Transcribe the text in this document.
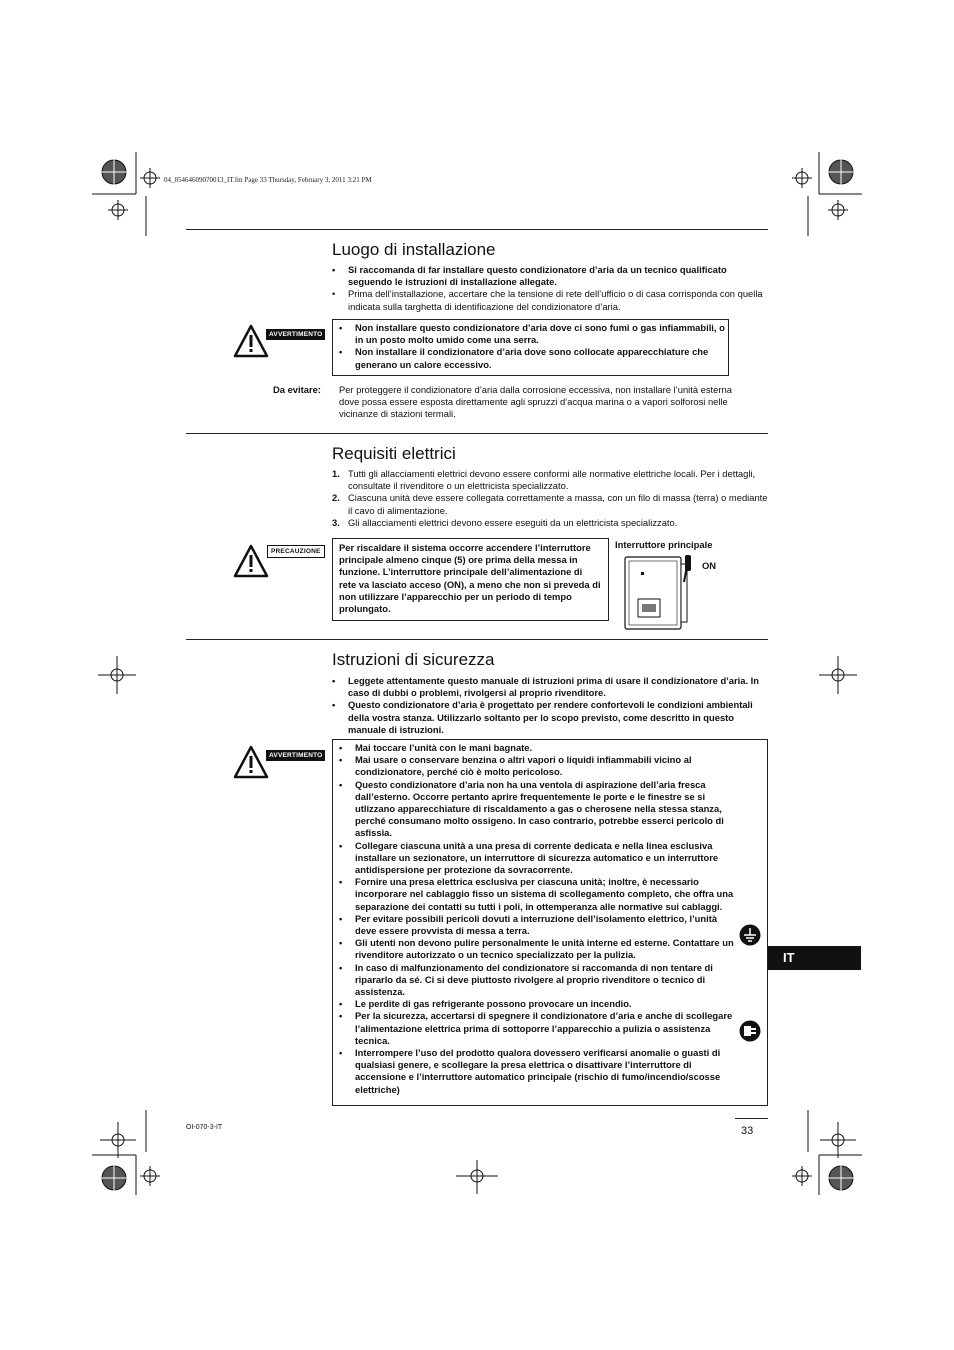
04_85464609070013_IT.fm Page 33 Thursday, February 3, 2011 3:21 PM
Luogo di installazione
• Si raccomanda di far installare questo condizionatore d’aria da un tecnico qualificato seguendo le istruzioni di installazione allegate.
• Prima dell’installazione, accertare che la tensione di rete dell’ufficio o di casa corrisponda con quella indicata sulla targhetta di identificazione del condizionatore d’aria.
AVVERTIMENTO
• Non installare questo condizionatore d’aria dove ci sono fumi o gas infiammabili, o in un posto molto umido come una serra.
• Non installare il condizionatore d’aria dove sono collocate apparecchiature che generano un calore eccessivo.
Da evitare: Per proteggere il condizionatore d’aria dalla corrosione eccessiva, non installare l’unità esterna dove possa essere esposta direttamente agli spruzzi d’acqua marina o a vapori solforosi nelle vicinanze di stazioni termali.
Requisiti elettrici
1. Tutti gli allacciamenti elettrici devono essere conformi alle normative elettriche locali. Per i dettagli, consultate il rivenditore o un elettricista specializzato.
2. Ciascuna unità deve essere collegata correttamente a massa, con un filo di massa (terra) o mediante il cavo di alimentazione.
3. Gli allacciamenti elettrici devono essere eseguiti da un elettricista specializzato.
PRECAUZIONE	Per riscaldare il sistema occorre accendere l’interruttore principale almeno cinque (5) ore prima della messa in funzione. L’interruttore principale dell’alimentazione di rete va lasciato acceso (ON), a meno che non si preveda di non utilizzare l’apparecchio per un periodo di tempo prolungato.
Interruttore principale
ON
Istruzioni di sicurezza
• Leggete attentamente questo manuale di istruzioni prima di usare il condizionatore d’aria. In caso di dubbi o problemi, rivolgersi al proprio rivenditore.
• Questo condizionatore d’aria è progettato per rendere confortevoli le condizioni ambientali della vostra stanza. Utilizzarlo soltanto per lo scopo previsto, come descritto in questo manuale di istruzioni.
AVVERTIMENTO
• Mai toccare l’unità con le mani bagnate.
• Mai usare o conservare benzina o altri vapori o liquidi infiammabili vicino al condizionatore, perché ciò è molto pericoloso.
• Questo condizionatore d’aria non ha una ventola di aspirazione dell’aria fresca dall’esterno. Occorre pertanto aprire frequentemente le porte e le finestre se si utlizzano apparecchiature di riscaldamento a gas o cherosene nella stessa stanza, perché consumano molto ossigeno. In caso contrario, potrebbe esserci pericolo di asfissia.
• Collegare ciascuna unità a una presa di corrente dedicata e nella linea esclusiva installare un sezionatore, un interruttore di sicurezza automatico e un interruttore antidispersione per protezione da sovracorrente.
• Fornire una presa elettrica esclusiva per ciascuna unità; inoltre, è necessario incorporare nel cablaggio fisso un sistema di scollegamento completo, che offra una separazione dei contatti su tutti i poli, in ottemperanza alle normative sui cablaggi.
• Per evitare possibili pericoli dovuti a interruzione dell’isolamento elettrico, l’unità deve essere provvista di messa a terra.
• Gli utenti non devono pulire personalmente le unità interne ed esterne. Contattare un rivenditore autorizzato o un tecnico specializzato per la pulizia.
• In caso di malfunzionamento del condizionatore si raccomanda di non tentare di ripararlo da sé. Ci si deve piuttosto rivolgere al proprio rivenditore o tecnico di assistenza.
• Le perdite di gas refrigerante possono provocare un incendio.
• Per la sicurezza, accertarsi di spegnere il condizionatore d’aria e anche di scollegare l’alimentazione elettrica prima di sottoporre l’apparecchio a pulizia o assistenza tecnica.
• Interrompere l’uso del prodotto qualora dovessero verificarsi anomalie o guasti di qualsiasi genere, e scollegare la presa elettrica o disattivare l’interruttore di accensione e l’interruttore automatico principale (rischio di fumo/incendio/scosse elettriche)
IT
OI-070-3-IT	33
